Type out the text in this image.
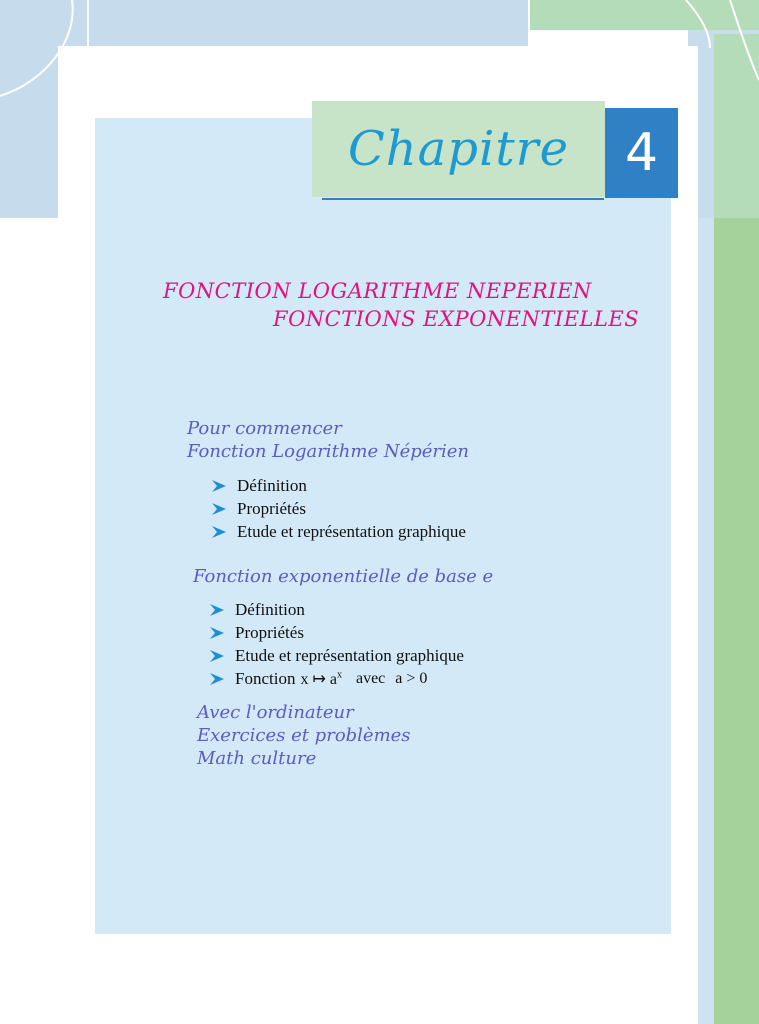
Chapitre 4
FONCTION LOGARITHME NEPERIEN
FONCTIONS EXPONENTIELLES
Pour commencer
Fonction Logarithme Népérien
Définition
Propriétés
Etude et représentation graphique
Fonction exponentielle de base e
Définition
Propriétés
Etude et représentation graphique
Fonction x ↦ $a^x$ avec a > 0
Avec l'ordinateur
Exercices et problèmes
Math culture
